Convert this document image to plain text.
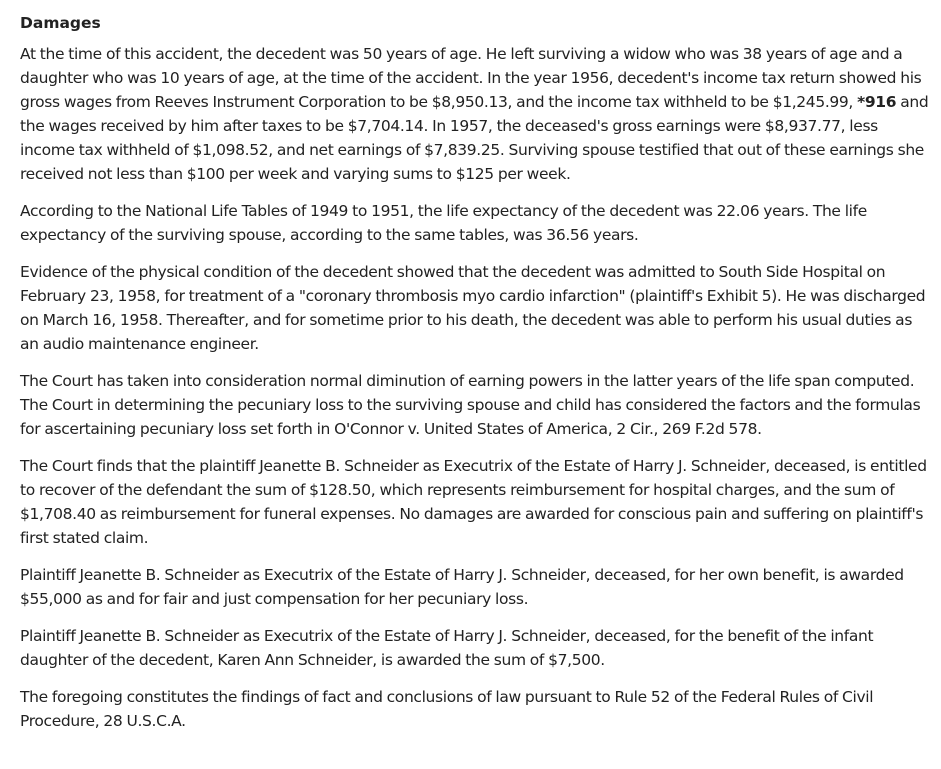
Damages

At the time of this accident, the decedent was 50 years of age. He left surviving a widow who was 38 years of age and a daughter who was 10 years of age, at the time of the accident. In the year 1956, decedent's income tax return showed his gross wages from Reeves Instrument Corporation to be $8,950.13, and the income tax withheld to be $1,245.99, *916 and the wages received by him after taxes to be $7,704.14. In 1957, the deceased's gross earnings were $8,937.77, less income tax withheld of $1,098.52, and net earnings of $7,839.25. Surviving spouse testified that out of these earnings she received not less than $100 per week and varying sums to $125 per week.

According to the National Life Tables of 1949 to 1951, the life expectancy of the decedent was 22.06 years. The life expectancy of the surviving spouse, according to the same tables, was 36.56 years.

Evidence of the physical condition of the decedent showed that the decedent was admitted to South Side Hospital on February 23, 1958, for treatment of a "coronary thrombosis myo cardio infarction" (plaintiff's Exhibit 5). He was discharged on March 16, 1958. Thereafter, and for sometime prior to his death, the decedent was able to perform his usual duties as an audio maintenance engineer.

The Court has taken into consideration normal diminution of earning powers in the latter years of the life span computed. The Court in determining the pecuniary loss to the surviving spouse and child has considered the factors and the formulas for ascertaining pecuniary loss set forth in O'Connor v. United States of America, 2 Cir., 269 F.2d 578.

The Court finds that the plaintiff Jeanette B. Schneider as Executrix of the Estate of Harry J. Schneider, deceased, is entitled to recover of the defendant the sum of $128.50, which represents reimbursement for hospital charges, and the sum of $1,708.40 as reimbursement for funeral expenses. No damages are awarded for conscious pain and suffering on plaintiff's first stated claim.

Plaintiff Jeanette B. Schneider as Executrix of the Estate of Harry J. Schneider, deceased, for her own benefit, is awarded $55,000 as and for fair and just compensation for her pecuniary loss.

Plaintiff Jeanette B. Schneider as Executrix of the Estate of Harry J. Schneider, deceased, for the benefit of the infant daughter of the decedent, Karen Ann Schneider, is awarded the sum of $7,500.

The foregoing constitutes the findings of fact and conclusions of law pursuant to Rule 52 of the Federal Rules of Civil Procedure, 28 U.S.C.A.
